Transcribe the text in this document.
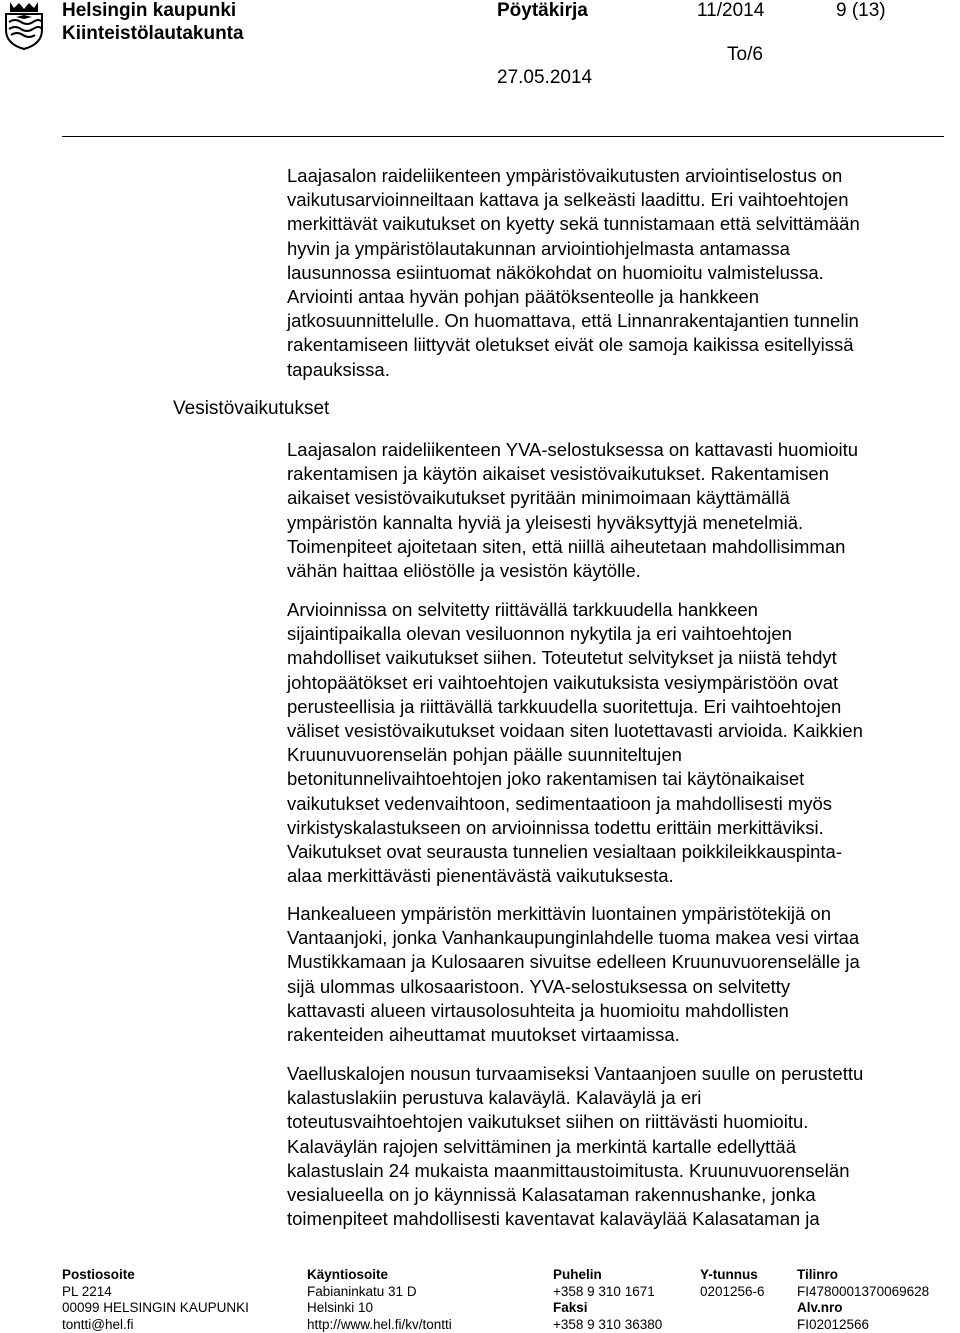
Helsingin kaupunki
Kiinteistölautakunta
Pöytäkirja	11/2014	9 (13)
To/6
27.05.2014
Vesistövaikutukset
Laajasalon raideliikenteen ympäristövaikutusten arviointiselostus on
vaikutusarvioinneiltaan kattava ja selkeästi laadittu. Eri vaihtoehtojen
merkittävät vaikutukset on kyetty sekä tunnistamaan että selvittämään
hyvin ja ympäristölautakunnan arviointiohjelmasta antamassa
lausunnossa esiintuomat näkökohdat on huomioitu valmistelussa.
Arviointi antaa hyvän pohjan päätöksenteolle ja hankkeen
jatkosuunnittelulle. On huomattava, että Linnanrakentajantien tunnelin
rakentamiseen liittyvät oletukset eivät ole samoja kaikissa esitellyissä
tapauksissa.
Laajasalon raideliikenteen YVA-selostuksessa on kattavasti huomioitu
rakentamisen ja käytön aikaiset vesistövaikutukset. Rakentamisen
aikaiset vesistövaikutukset pyritään minimoimaan käyttämällä
ympäristön kannalta hyviä ja yleisesti hyväksyttyjä menetelmiä.
Toimenpiteet ajoitetaan siten, että niillä aiheutetaan mahdollisimman
vähän haittaa eliöstölle ja vesistön käytölle.
Arvioinnissa on selvitetty riittävällä tarkkuudella hankkeen
sijaintipaikalla olevan vesiluonnon nykytila ja eri vaihtoehtojen
mahdolliset vaikutukset siihen. Toteutetut selvitykset ja niistä tehdyt
johtopäätökset eri vaihtoehtojen vaikutuksista vesiympäristöön ovat
perusteellisia ja riittävällä tarkkuudella suoritettuja. Eri vaihtoehtojen
väliset vesistövaikutukset voidaan siten luotettavasti arvioida. Kaikkien
Kruunuvuorenselän pohjan päälle suunniteltujen
betonitunnelivaihtoehtojen joko rakentamisen tai käytönaikaiset
vaikutukset vedenvaihtoon, sedimentaatioon ja mahdollisesti myös
virkistyskalastukseen on arvioinnissa todettu erittäin merkittäviksi.
Vaikutukset ovat seurausta tunnelien vesialtaan poikkileikkauspinta-
alaa merkittävästi pienentävästä vaikutuksesta.
Hankealueen ympäristön merkittävin luontainen ympäristötekijä on
Vantaanjoki, jonka Vanhankaupunginlahdelle tuoma makea vesi virtaa
Mustikkamaan ja Kulosaaren sivuitse edelleen Kruunuvuorenselälle ja
sijä ulommas ulkosaaristoon. YVA-selostuksessa on selvitetty
kattavasti alueen virtausolosuhteita ja huomioitu mahdollisten
rakenteiden aiheuttamat muutokset virtaamissa.
Vaelluskalojen nousun turvaamiseksi Vantaanjoen suulle on perustettu
kalastuslakiin perustuva kalaväylä. Kalaväylä ja eri
toteutusvaihtoehtojen vaikutukset siihen on riittävästi huomioitu.
Kalaväylän rajojen selvittäminen ja merkintä kartalle edellyttää
kalastuslain 24 mukaista maanmittaustoimitusta. Kruunuvuorenselän
vesialueella on jo käynnissä Kalasataman rakennushanke, jonka
toimenpiteet mahdollisesti kaventavat kalaväylää Kalasataman ja
Postiosoite
PL 2214
00099 HELSINGIN KAUPUNKI
tontti@hel.fi
Käyntiosoite
Fabianinkatu 31 D
Helsinki 10
http://www.hel.fi/kv/tontti
Puhelin
+358 9 310 1671
Faksi
+358 9 310 36380
Y-tunnus
0201256-6
Tilinro
FI4780001370069628
Alv.nro
FI02012566
